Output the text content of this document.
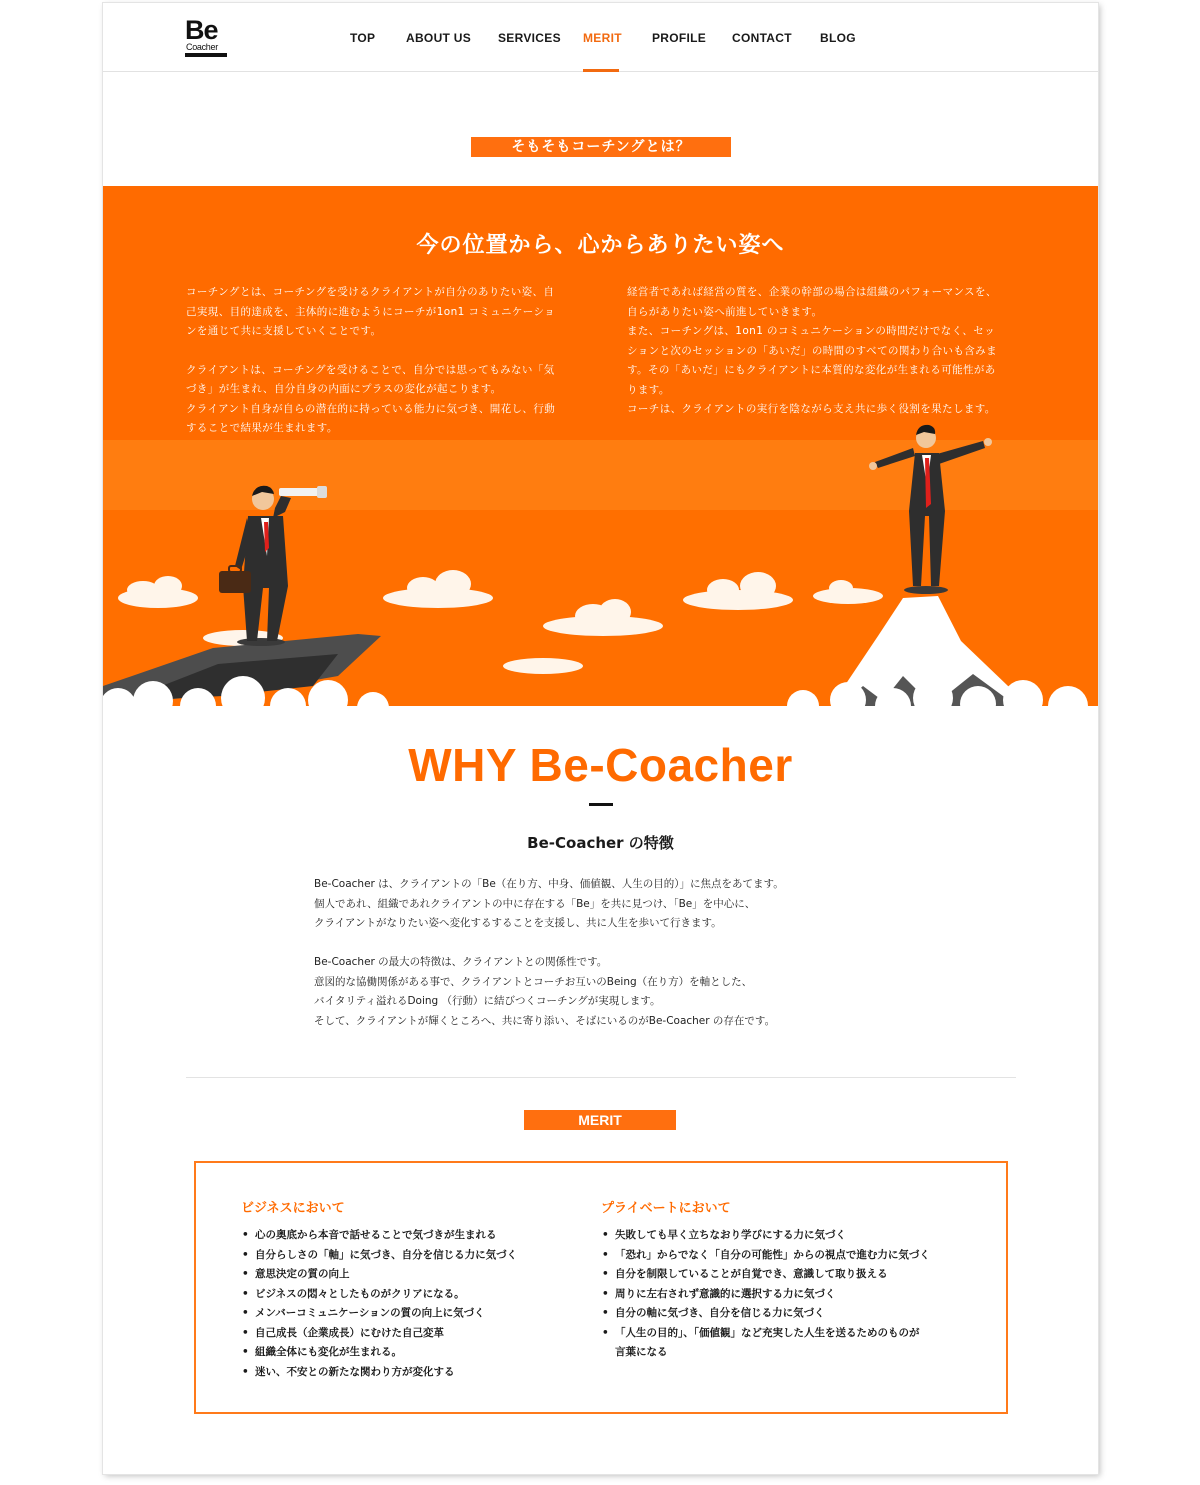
Be
Coacher
TOP	ABOUT US SERVICES MERIT	PROFILE CONTACT BLOG
そもそもコーチングとは？
今の位置から、心からありたい姿へ

コーチングとは、コーチングを受けるクライアントが自分のありたい姿、自
己実現、目的達成を、主体的に進むようにコーチが1on1 コミュニケーショ
ンを通じて共に支援していくことです。

クライアントは、コーチングを受けることで、自分では思ってもみない「気
づき」が生まれ、自分自身の内面にプラスの変化が起こります。
クライアント自身が自らの潜在的に持っている能力に気づき、開花し、行動
することで結果が生まれます。

経営者であれば経営の質を、企業の幹部の場合は組織のパフォーマンスを、
自らがありたい姿へ前進していきます。
また、コーチングは、1on1 のコミュニケーションの時間だけでなく、セッ
ションと次のセッションの「あいだ」の時間のすべての関わり合いも含みま
す。その「あいだ」にもクライアントに本質的な変化が生まれる可能性があ
ります。
コーチは、クライアントの実行を陰ながら支え共に歩く役割を果たします。

WHY Be-Coacher
Be-Coacher の特徴

Be-Coacher は、クライアントの「Be（在り方、中身、価値観、人生の目的）」に焦点をあてます。
個人であれ、組織であれクライアントの中に存在する「Be」を共に見つけ、「Be」を中心に、
クライアントがなりたい姿へ変化するすることを支援し、共に人生を歩いて行きます。

Be-Coacher の最大の特徴は、クライアントとの関係性です。
意図的な協働関係がある事で、クライアントとコーチお互いのBeing（在り方）を軸とした、
バイタリティ溢れるDoing （行動）に結びつくコーチングが実現します。
そして、クライアントが輝くところへ、共に寄り添い、そばにいるのがBe-Coacher の存在です。

MERIT
ビジネスにおいて
• 心の奥底から本音で話せることで気づきが生まれる
• 自分らしさの「軸」に気づき、自分を信じる力に気づく
• 意思決定の質の向上
• ビジネスの悶々としたものがクリアになる。
• メンバーコミュニケーションの質の向上に気づく
• 自己成長（企業成長）にむけた自己変革
• 組織全体にも変化が生まれる。
• 迷い、不安との新たな関わり方が変化する
プライベートにおいて
• 失敗しても早く立ちなおり学びにする力に気づく
• 「恐れ」からでなく「自分の可能性」からの視点で進む力に気づく
• 自分を制限していることが自覚でき、意識して取り扱える
• 周りに左右されず意識的に選択する力に気づく
• 自分の軸に気づき、自分を信じる力に気づく
• 「人生の目的」、「価値観」など充実した人生を送るためのものが
言葉になる
